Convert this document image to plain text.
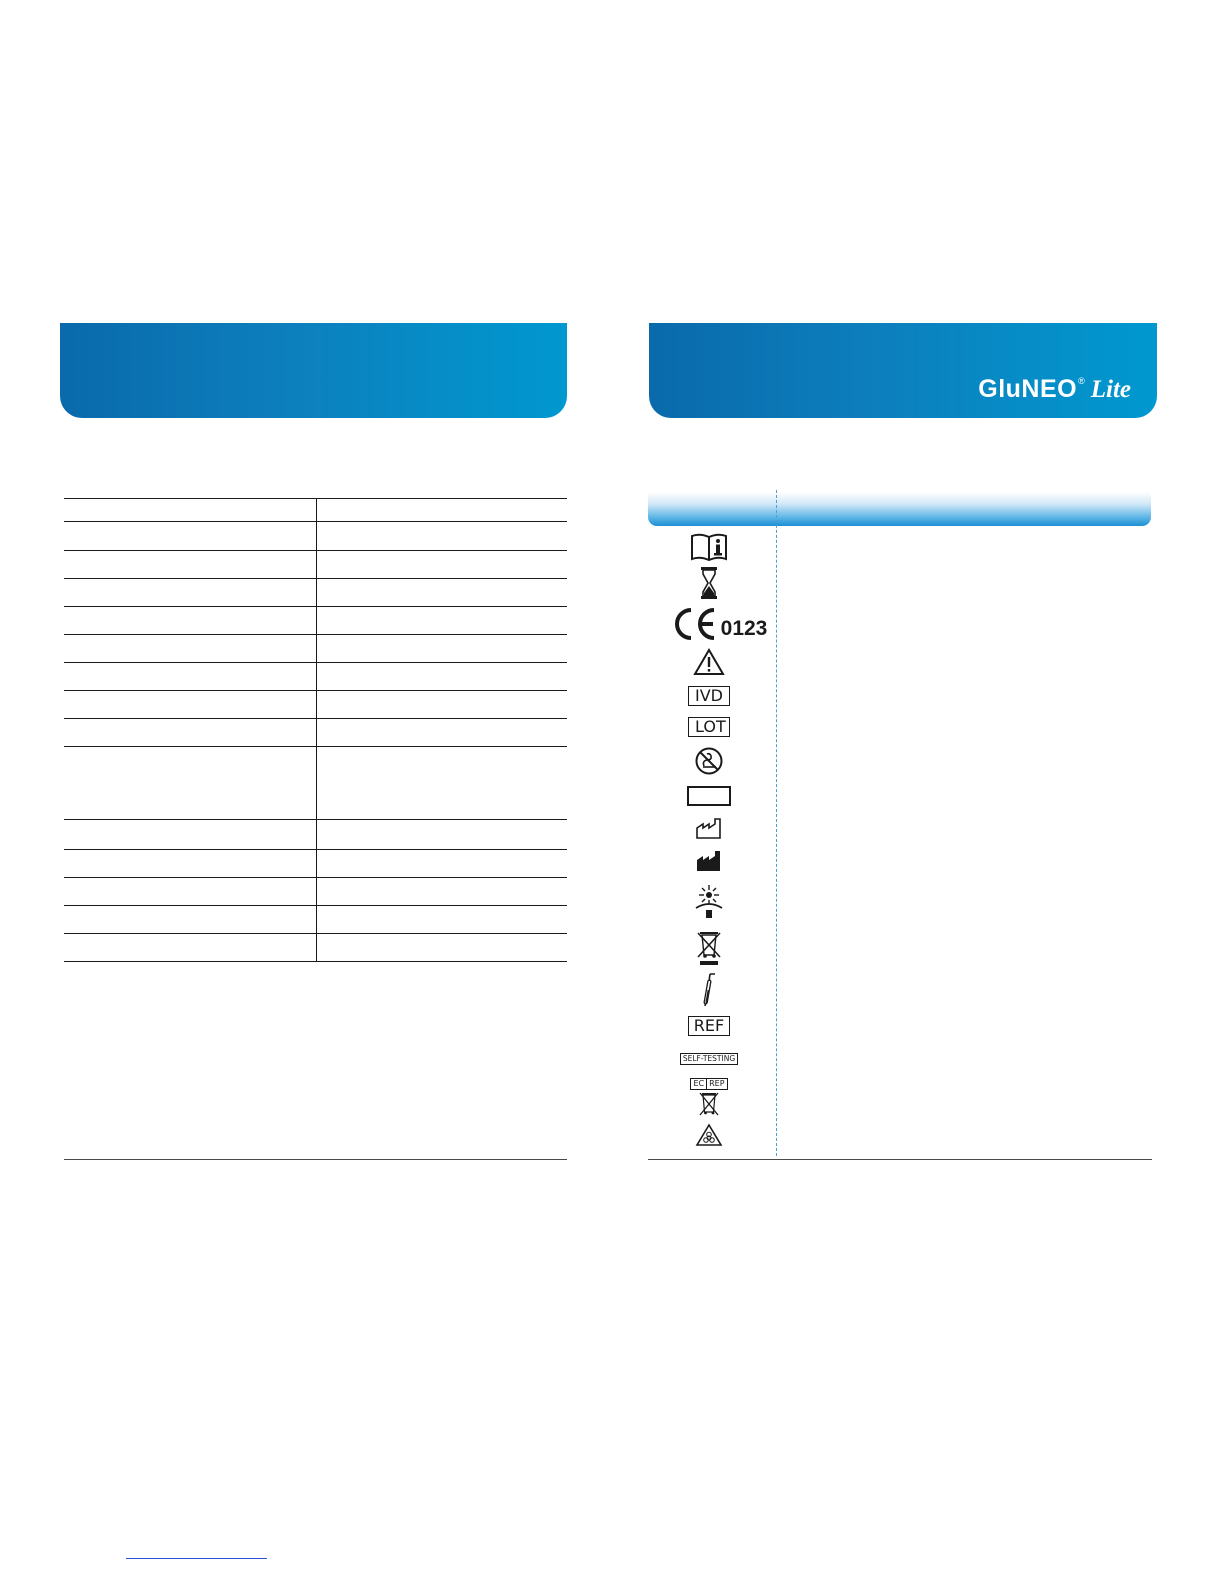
GluNEO® Lite
0123
IVD
LOT
REF
SELF-TESTING
EC REP
